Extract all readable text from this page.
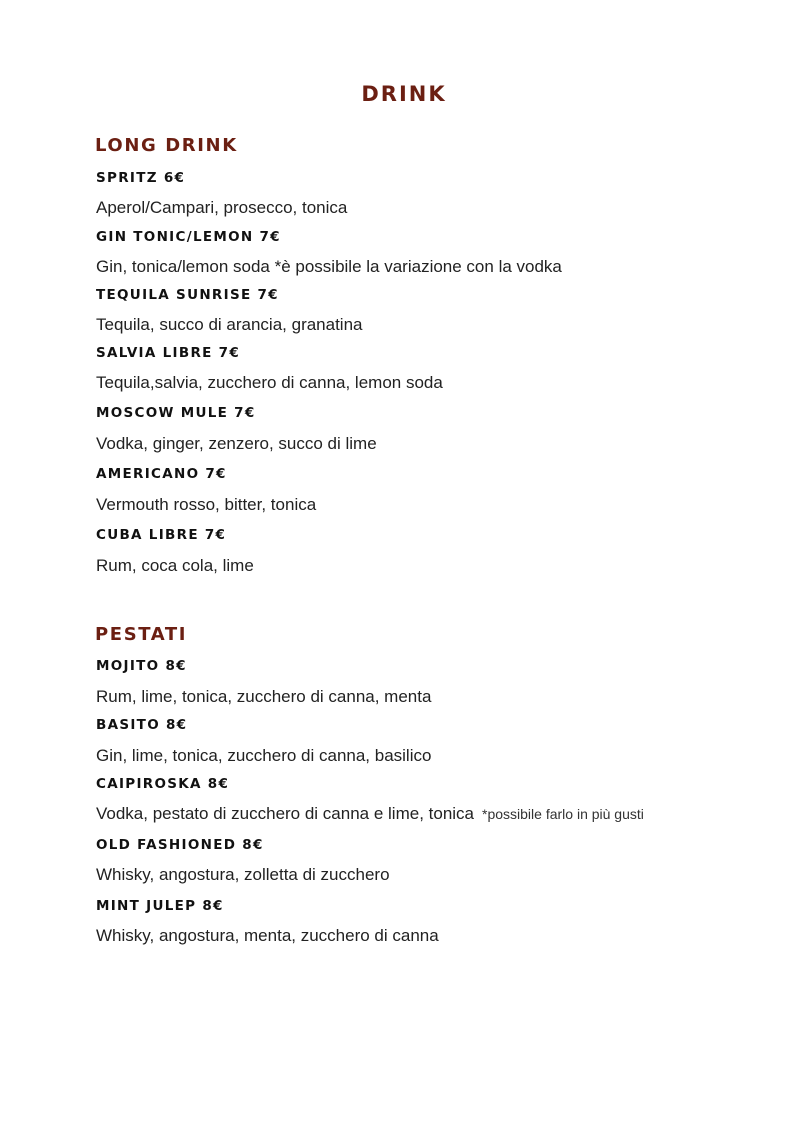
DRINK
LONG DRINK
SPRITZ 6€
Aperol/Campari, prosecco, tonica
GIN TONIC/LEMON 7€
Gin, tonica/lemon soda *è possibile la variazione con la vodka
TEQUILA SUNRISE 7€
Tequila, succo di arancia, granatina
SALVIA LIBRE 7€
Tequila,salvia, zucchero di canna, lemon soda
MOSCOW MULE 7€
Vodka, ginger, zenzero, succo di lime
AMERICANO 7€
Vermouth rosso, bitter, tonica
CUBA LIBRE 7€
Rum, coca cola, lime
PESTATI
MOJITO 8€
Rum, lime, tonica, zucchero di canna, menta
BASITO 8€
Gin, lime, tonica, zucchero di canna, basilico
CAIPIROSKA 8€
Vodka, pestato di zucchero di canna e lime, tonica *possibile farlo in più gusti
OLD FASHIONED 8€
Whisky, angostura, zolletta di zucchero
MINT JULEP 8€
Whisky, angostura, menta, zucchero di canna
